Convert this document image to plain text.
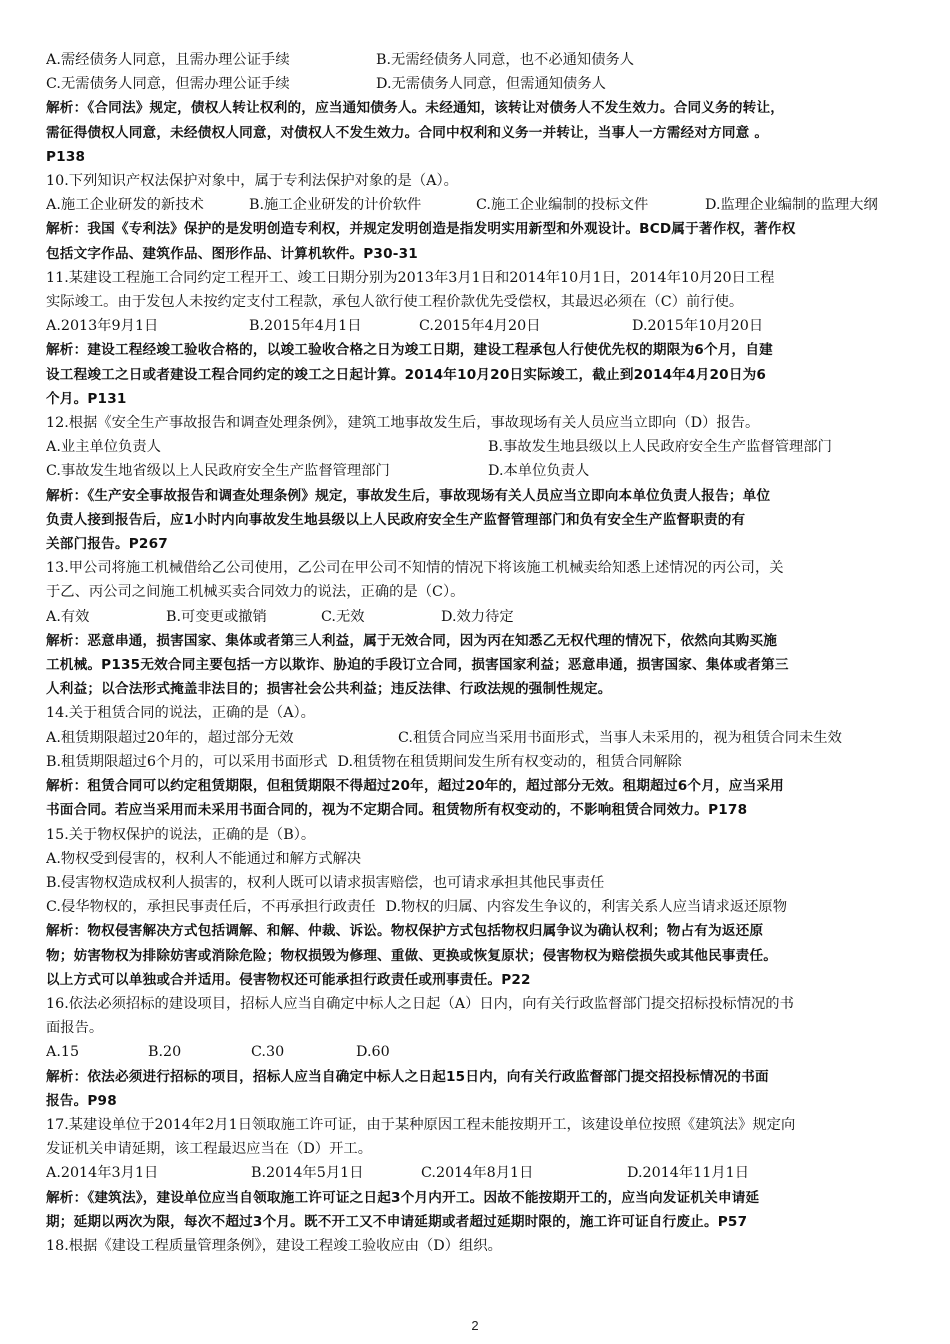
A.需经债务人同意，且需办理公证手续	B.无需经债务人同意，也不必通知债务人
C.无需债务人同意，但需办理公证手续	D.无需债务人同意，但需通知债务人
解析：《合同法》规定，债权人转让权利的，应当通知债务人。未经通知，该转让对债务人不发生效力。合同义务的转让，
需征得债权人同意，未经债权人同意，对债权人不发生效力。合同中权利和义务一并转让，当事人一方需经对方同意 。
P138
10.下列知识产权法保护对象中，属于专利法保护对象的是（A）。
A.施工企业研发的新技术	B.施工企业研发的计价软件	C.施工企业编制的投标文件	D.监理企业编制的监理大纲
解析：我国《专利法》保护的是发明创造专利权，并规定发明创造是指发明实用新型和外观设计。BCD属于著作权，著作权
包括文字作品、建筑作品、图形作品、计算机软件。P30-31
11.某建设工程施工合同约定工程开工、竣工日期分别为2013年3月1日和2014年10月1日，2014年10月20日工程
实际竣工。由于发包人未按约定支付工程款，承包人欲行使工程价款优先受偿权，其最迟必须在（C）前行使。
A.2013年9月1日	B.2015年4月1日	C.2015年4月20日	D.2015年10月20日
解析：建设工程经竣工验收合格的，以竣工验收合格之日为竣工日期，建设工程承包人行使优先权的期限为6个月，自建
设工程竣工之日或者建设工程合同约定的竣工之日起计算。2014年10月20日实际竣工，截止到2014年4月20日为6
个月。P131
12.根据《安全生产事故报告和调查处理条例》，建筑工地事故发生后，事故现场有关人员应当立即向（D）报告。
A.业主单位负责人	B.事故发生地县级以上人民政府安全生产监督管理部门
C.事故发生地省级以上人民政府安全生产监督管理部门	D.本单位负责人
解析：《生产安全事故报告和调查处理条例》规定，事故发生后，事故现场有关人员应当立即向本单位负责人报告；单位
负责人接到报告后，应1小时内向事故发生地县级以上人民政府安全生产监督管理部门和负有安全生产监督职责的有
关部门报告。P267
13.甲公司将施工机械借给乙公司使用，乙公司在甲公司不知情的情况下将该施工机械卖给知悉上述情况的丙公司，关
于乙、丙公司之间施工机械买卖合同效力的说法，正确的是（C）。
A.有效	B.可变更或撤销	C.无效	D.效力待定
解析：恶意串通，损害国家、集体或者第三人利益，属于无效合同，因为丙在知悉乙无权代理的情况下，依然向其购买施
工机械。P135无效合同主要包括一方以欺诈、胁迫的手段订立合同，损害国家利益；恶意串通，损害国家、集体或者第三
人利益；以合法形式掩盖非法目的；损害社会公共利益；违反法律、行政法规的强制性规定。
14.关于租赁合同的说法，正确的是（A）。
A.租赁期限超过20年的，超过部分无效	C.租赁合同应当采用书面形式，当事人未采用的，视为租赁合同未生效
B.租赁期限超过6个月的，可以采用书面形式 D.租赁物在租赁期间发生所有权变动的，租赁合同解除
解析：租赁合同可以约定租赁期限，但租赁期限不得超过20年，超过20年的，超过部分无效。租期超过6个月，应当采用
书面合同。若应当采用而未采用书面合同的，视为不定期合同。租赁物所有权变动的，不影响租赁合同效力。P178
15.关于物权保护的说法，正确的是（B）。
A.物权受到侵害的，权利人不能通过和解方式解决
B.侵害物权造成权利人损害的，权利人既可以请求损害赔偿，也可请求承担其他民事责任
C.侵华物权的，承担民事责任后，不再承担行政责任 D.物权的归属、内容发生争议的，利害关系人应当请求返还原物
解析：物权侵害解决方式包括调解、和解、仲裁、诉讼。物权保护方式包括物权归属争议为确认权利；物占有为返还原
物；妨害物权为排除妨害或消除危险；物权损毁为修理、重做、更换或恢复原状；侵害物权为赔偿损失或其他民事责任。
以上方式可以单独或合并适用。侵害物权还可能承担行政责任或刑事责任。P22
16.依法必须招标的建设项目，招标人应当自确定中标人之日起（A）日内，向有关行政监督部门提交招标投标情况的书
面报告。
A.15	B.20	C.30	D.60
解析：依法必须进行招标的项目，招标人应当自确定中标人之日起15日内，向有关行政监督部门提交招投标情况的书面
报告。P98
17.某建设单位于2014年2月1日领取施工许可证，由于某种原因工程未能按期开工，该建设单位按照《建筑法》规定向
发证机关申请延期，该工程最迟应当在（D）开工。
A.2014年3月1日	B.2014年5月1日	C.2014年8月1日	D.2014年11月1日
解析：《建筑法》，建设单位应当自领取施工许可证之日起3个月内开工。因故不能按期开工的，应当向发证机关申请延
期；延期以两次为限，每次不超过3个月。既不开工又不申请延期或者超过延期时限的，施工许可证自行废止。P57
18.根据《建设工程质量管理条例》，建设工程竣工验收应由（D）组织。
2
